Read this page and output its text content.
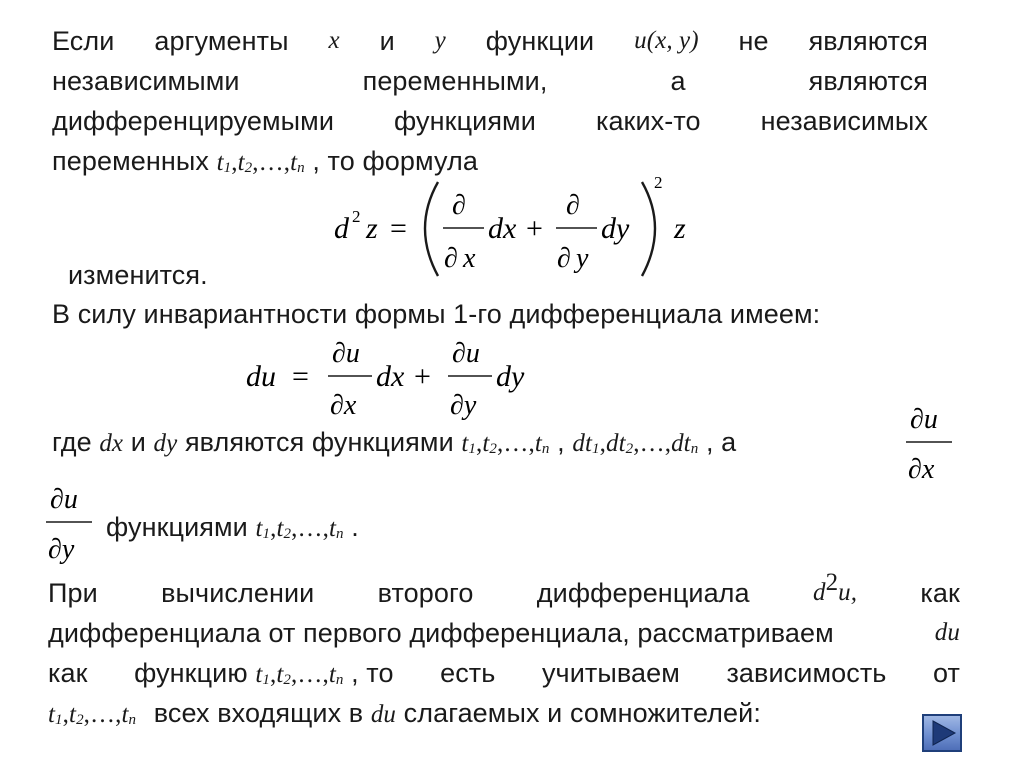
Если аргументы x и y функции u(x, y) не являются
независимыми	переменными,	а	являются
дифференцируемыми функциями каких-то независимых
переменных $t_1,t_2,\dots,t_n$ , то формула
d 2 z =
∂
∂ x
dx +
∂
∂ y
dy
2
z
изменится.
В силу инвариантности формы 1-го дифференциала имеем:
du =
∂u
∂x
dx +
∂u
∂y
dy
где dx и dy являются функциями $t_1,t_2,\dots,t_n$ , $dt_1,dt_2,\dots,dt_n$ , а
∂u
∂x
∂u
∂y
функциями $t_1,t_2,\dots,t_n$ .
При вычислении второго дифференциала	$d^2u$, как
дифференциала от первого дифференциала, рассматриваем	du
как функцию $t_1,t_2,\dots,t_n$ , то есть учитываем зависимость от
$t_1,t_2,\dots,t_n$ всех входящих в du слагаемых и сомножителей:
